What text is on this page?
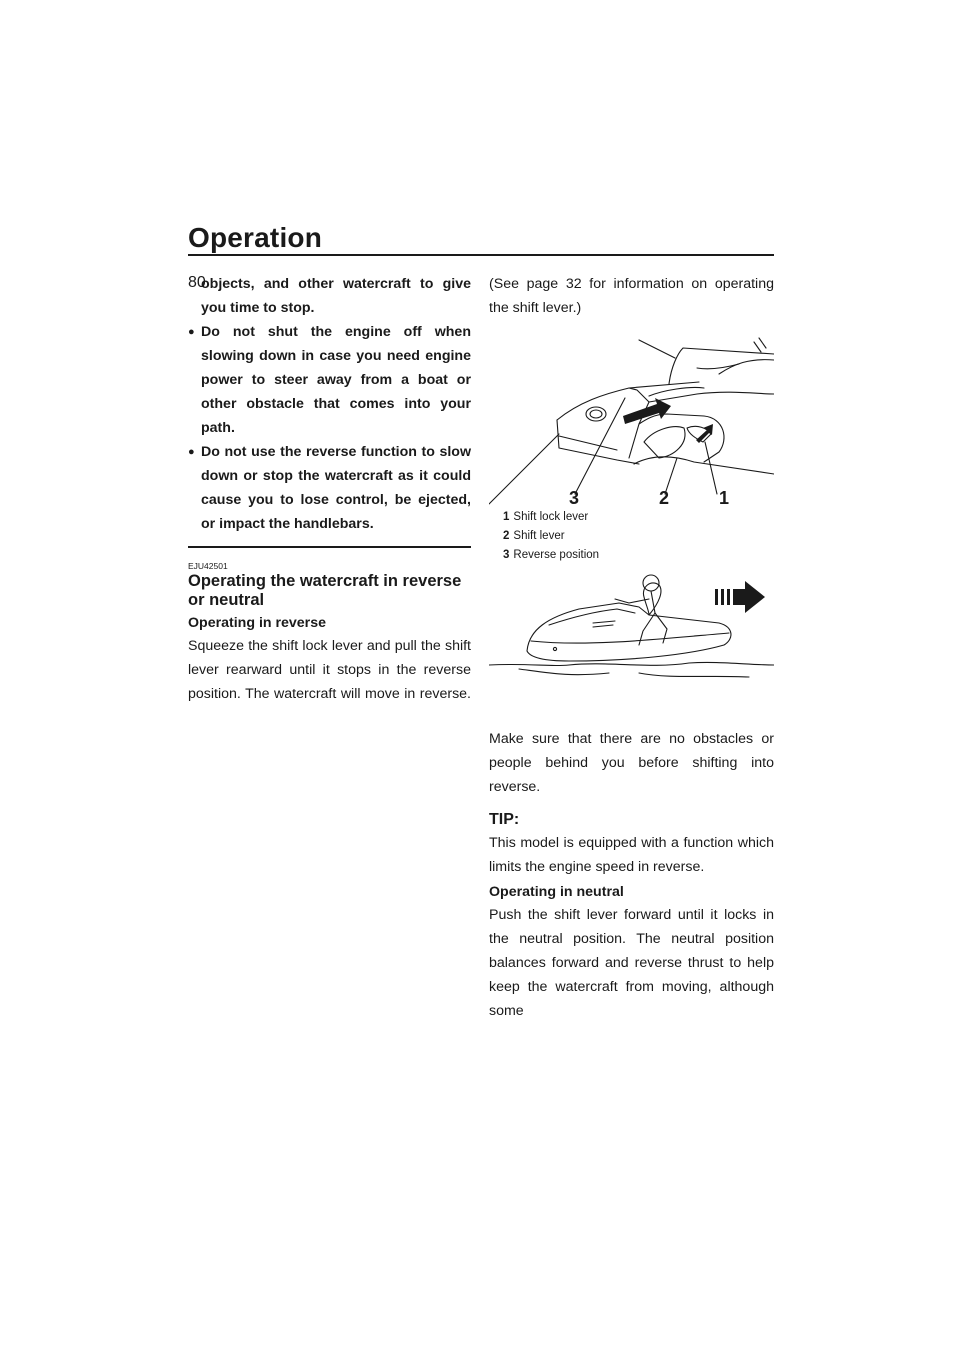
Operation
80
objects, and other watercraft to give you time to stop.
● Do not shut the engine off when slowing down in case you need engine power to steer away from a boat or other obstacle that comes into your path.
● Do not use the reverse function to slow down or stop the watercraft as it could cause you to lose control, be ejected, or impact the handlebars.
EJU42501
Operating the watercraft in reverse or neutral
Operating in reverse

Squeeze the shift lock lever and pull the shift lever rearward until it stops in the reverse position. The watercraft will move in reverse.

(See page 32 for information on operating the shift lever.)

3	2	1
1 Shift lock lever
2 Shift lever
3 Reverse position

Make sure that there are no obstacles or people behind you before shifting into reverse.

TIP:

This model is equipped with a function which limits the engine speed in reverse.

Operating in neutral

Push the shift lever forward until it locks in the neutral position. The neutral position balances forward and reverse thrust to help keep the watercraft from moving, although some
